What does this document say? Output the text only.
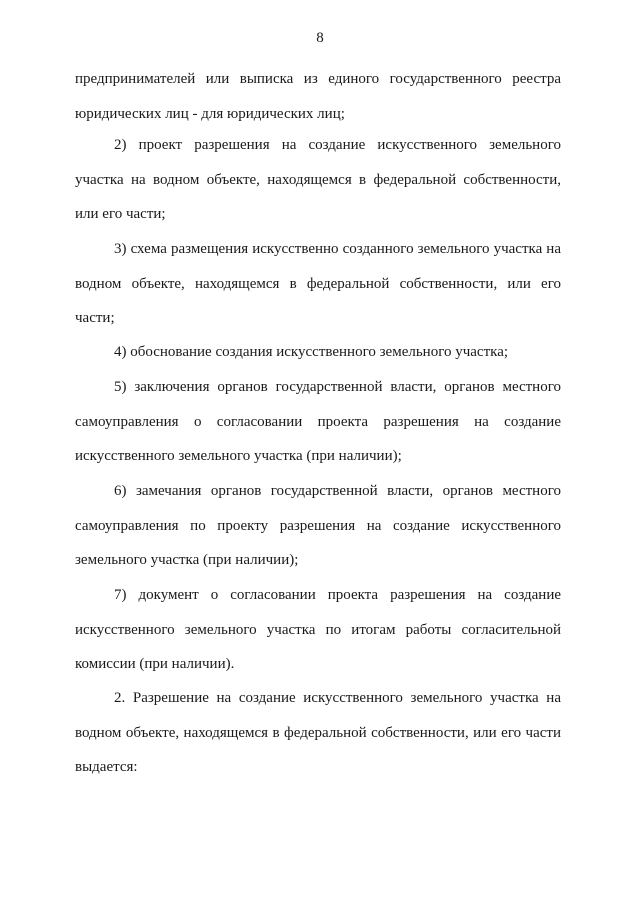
8
предпринимателей или выписка из единого государственного реестра
юридических лиц - для юридических лиц;
2) проект разрешения на создание искусственного земельного
участка на водном объекте, находящемся в федеральной собственности,
или его части;
3) схема размещения искусственно созданного земельного участка на
водном объекте, находящемся в федеральной собственности, или его
части;
4) обоснование создания искусственного земельного участка;
5) заключения органов государственной власти, органов местного
самоуправления о согласовании проекта разрешения на создание
искусственного земельного участка (при наличии);
6) замечания органов государственной власти, органов местного
самоуправления по проекту разрешения на создание искусственного
земельного участка (при наличии);
7) документ о согласовании проекта разрешения на создание
искусственного земельного участка по итогам работы согласительной
комиссии (при наличии).
2. Разрешение на создание искусственного земельного участка на
водном объекте, находящемся в федеральной собственности, или его части
выдается:
